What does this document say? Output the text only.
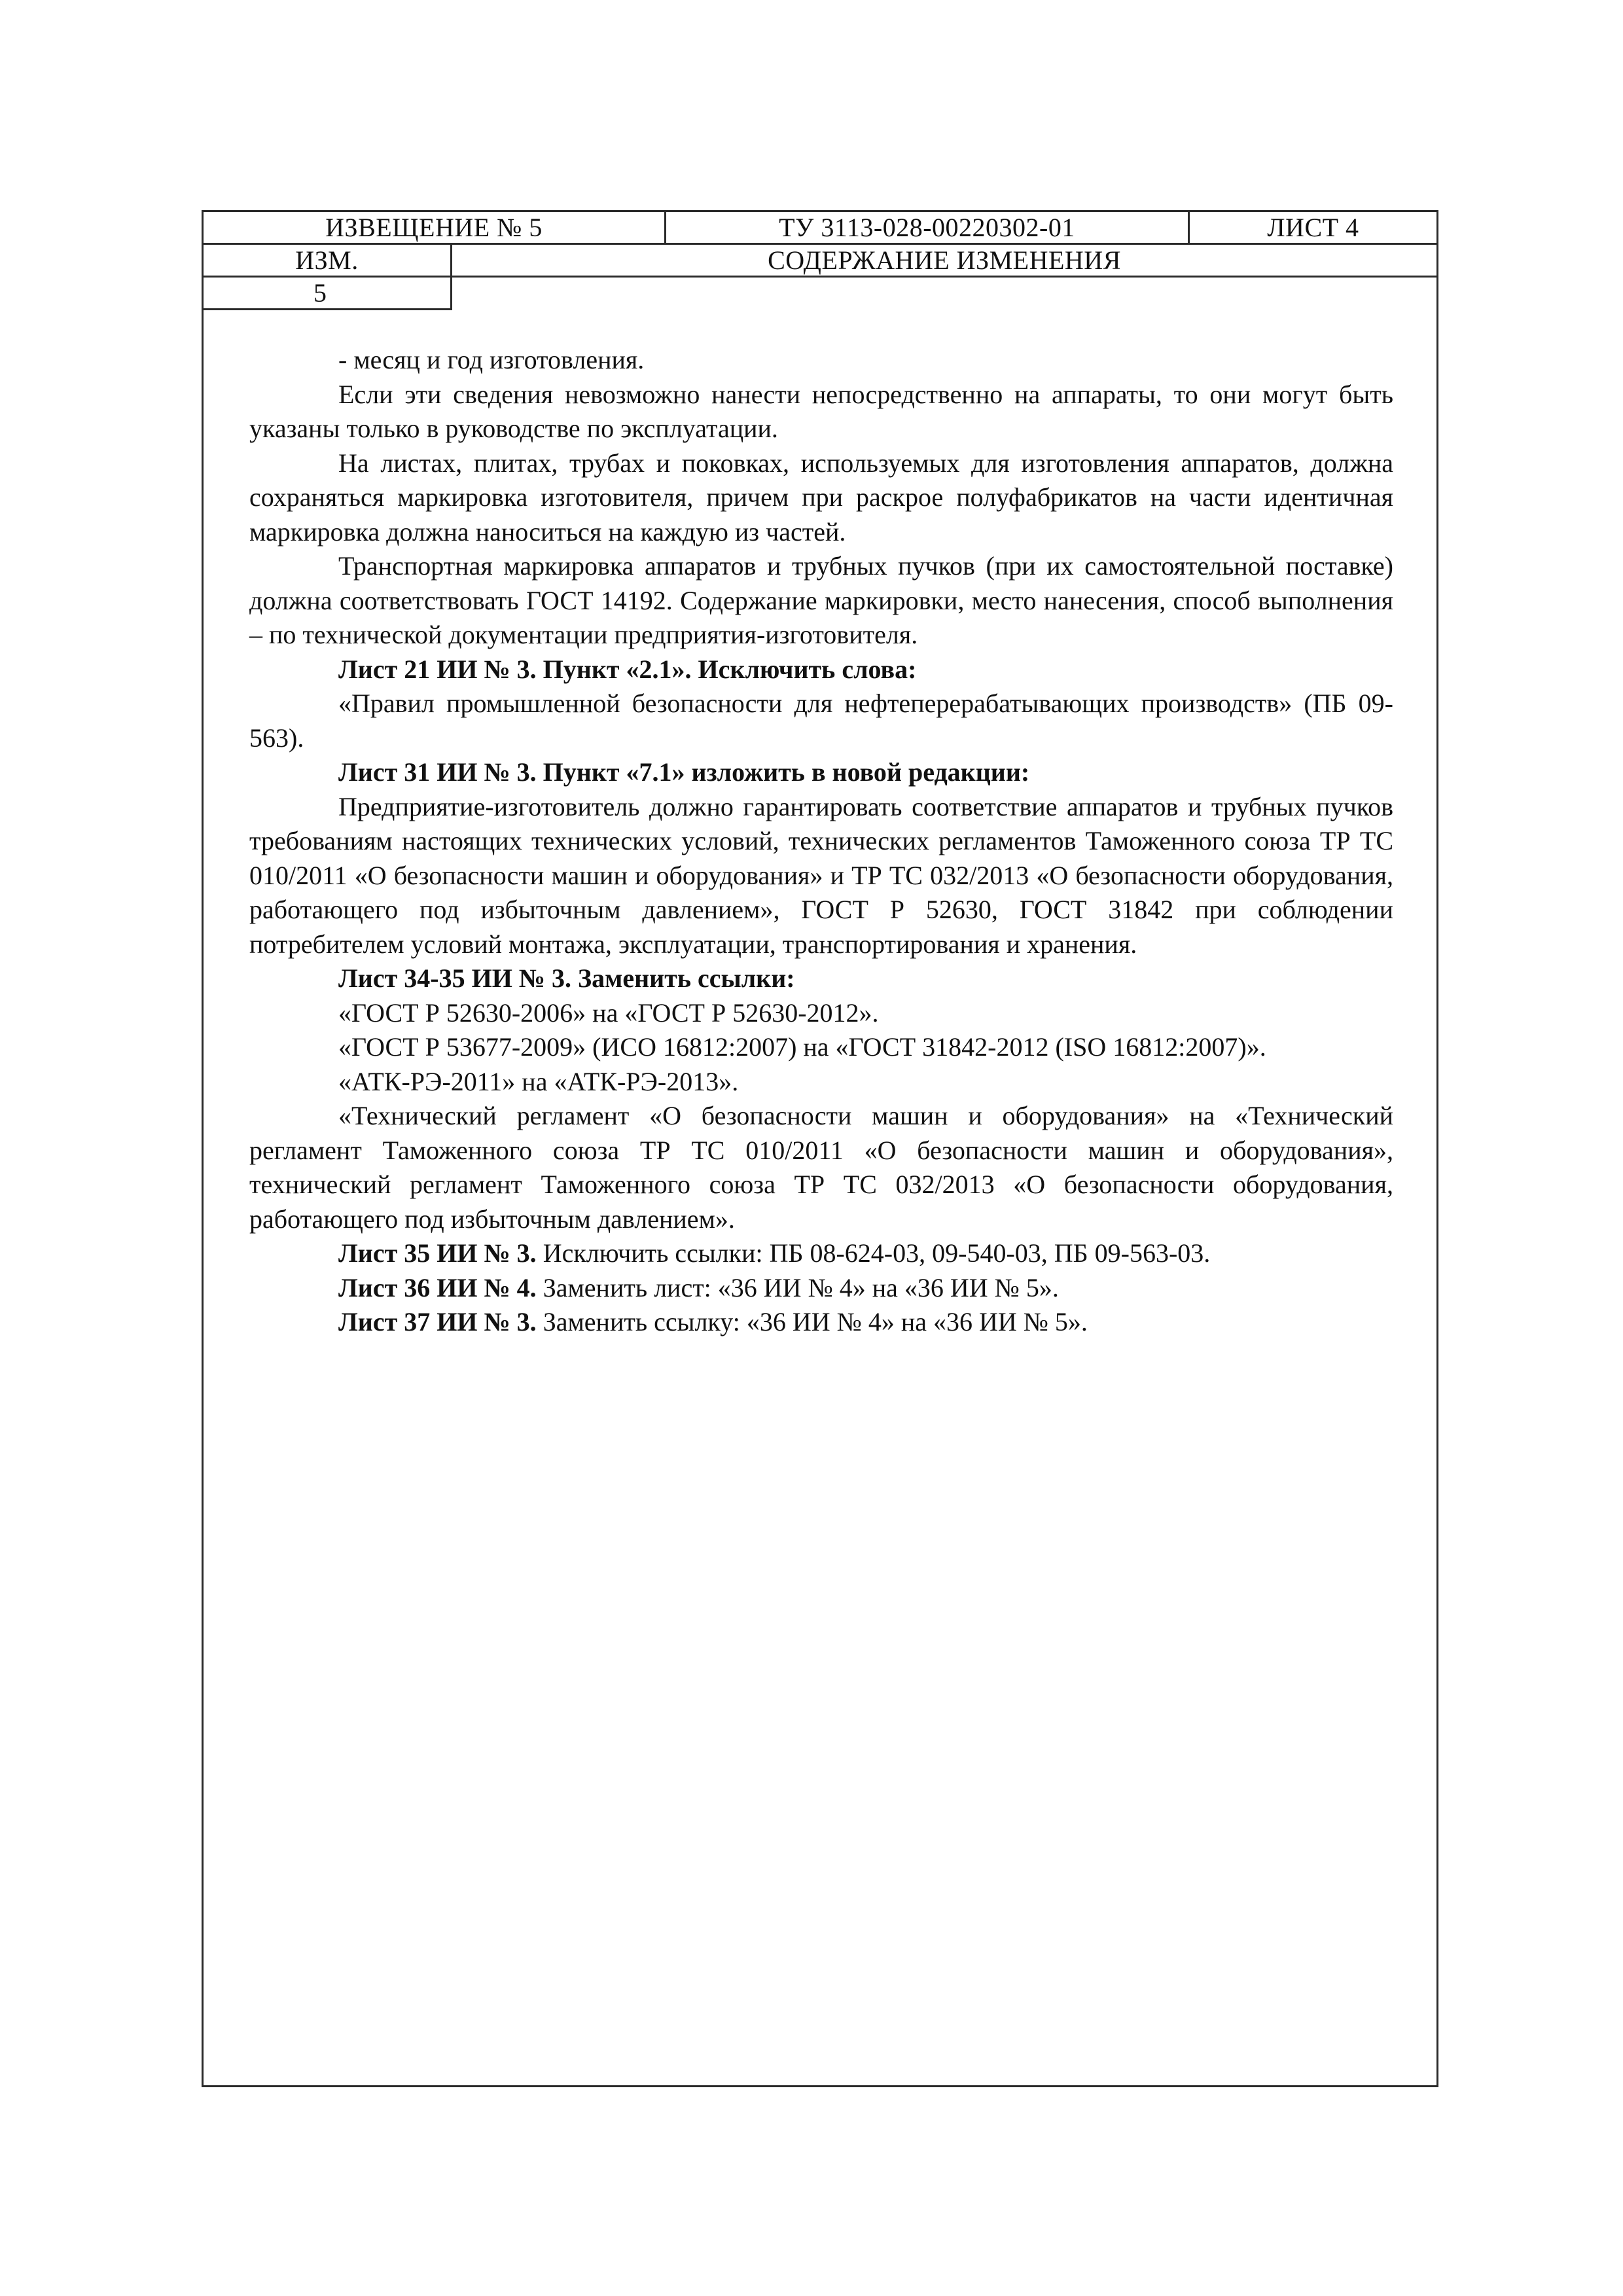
ИЗВЕЩЕНИЕ № 5	ТУ 3113-028-00220302-01	ЛИСТ 4
ИЗМ.	СОДЕРЖАНИЕ ИЗМЕНЕНИЯ
5

- месяц и год изготовления.

Если эти сведения невозможно нанести непосредственно на аппараты, то они могут быть указаны только в руководстве по эксплуатации.

На листах, плитах, трубах и поковках, используемых для изготовления аппаратов, должна сохраняться маркировка изготовителя, причем при раскрое полуфабрикатов на части идентичная маркировка должна наноситься на каждую из частей.

Транспортная маркировка аппаратов и трубных пучков (при их самостоятельной поставке) должна соответствовать ГОСТ 14192. Содержание маркировки, место нанесения, способ выполнения – по технической документации предприятия-изготовителя.

Лист 21 ИИ № 3. Пункт «2.1». Исключить слова:

«Правил промышленной безопасности для нефтеперерабатывающих производств» (ПБ 09-563).

Лист 31 ИИ № 3. Пункт «7.1» изложить в новой редакции:

Предприятие-изготовитель должно гарантировать соответствие аппаратов и трубных пучков требованиям настоящих технических условий, технических регламентов Таможенного союза ТР ТС 010/2011 «О безопасности машин и оборудования» и ТР ТС 032/2013 «О безопасности оборудования, работающего под избыточным давлением», ГОСТ Р 52630, ГОСТ 31842 при соблюдении потребителем условий монтажа, эксплуатации, транспортирования и хранения.

Лист 34-35 ИИ № 3. Заменить ссылки:

«ГОСТ Р 52630-2006» на «ГОСТ Р 52630-2012».

«ГОСТ Р 53677-2009» (ИСО 16812:2007) на «ГОСТ 31842-2012 (ISO 16812:2007)».

«АТК-РЭ-2011» на «АТК-РЭ-2013».

«Технический регламент «О безопасности машин и оборудования» на «Технический регламент Таможенного союза ТР ТС 010/2011 «О безопасности машин и оборудования», технический регламент Таможенного союза ТР ТС 032/2013 «О безопасности оборудования, работающего под избыточным давлением».

Лист 35 ИИ № 3. Исключить ссылки: ПБ 08-624-03, 09-540-03, ПБ 09-563-03.

Лист 36 ИИ № 4. Заменить лист: «36 ИИ № 4» на «36 ИИ № 5».

Лист 37 ИИ № 3. Заменить ссылку: «36 ИИ № 4» на «36 ИИ № 5».
